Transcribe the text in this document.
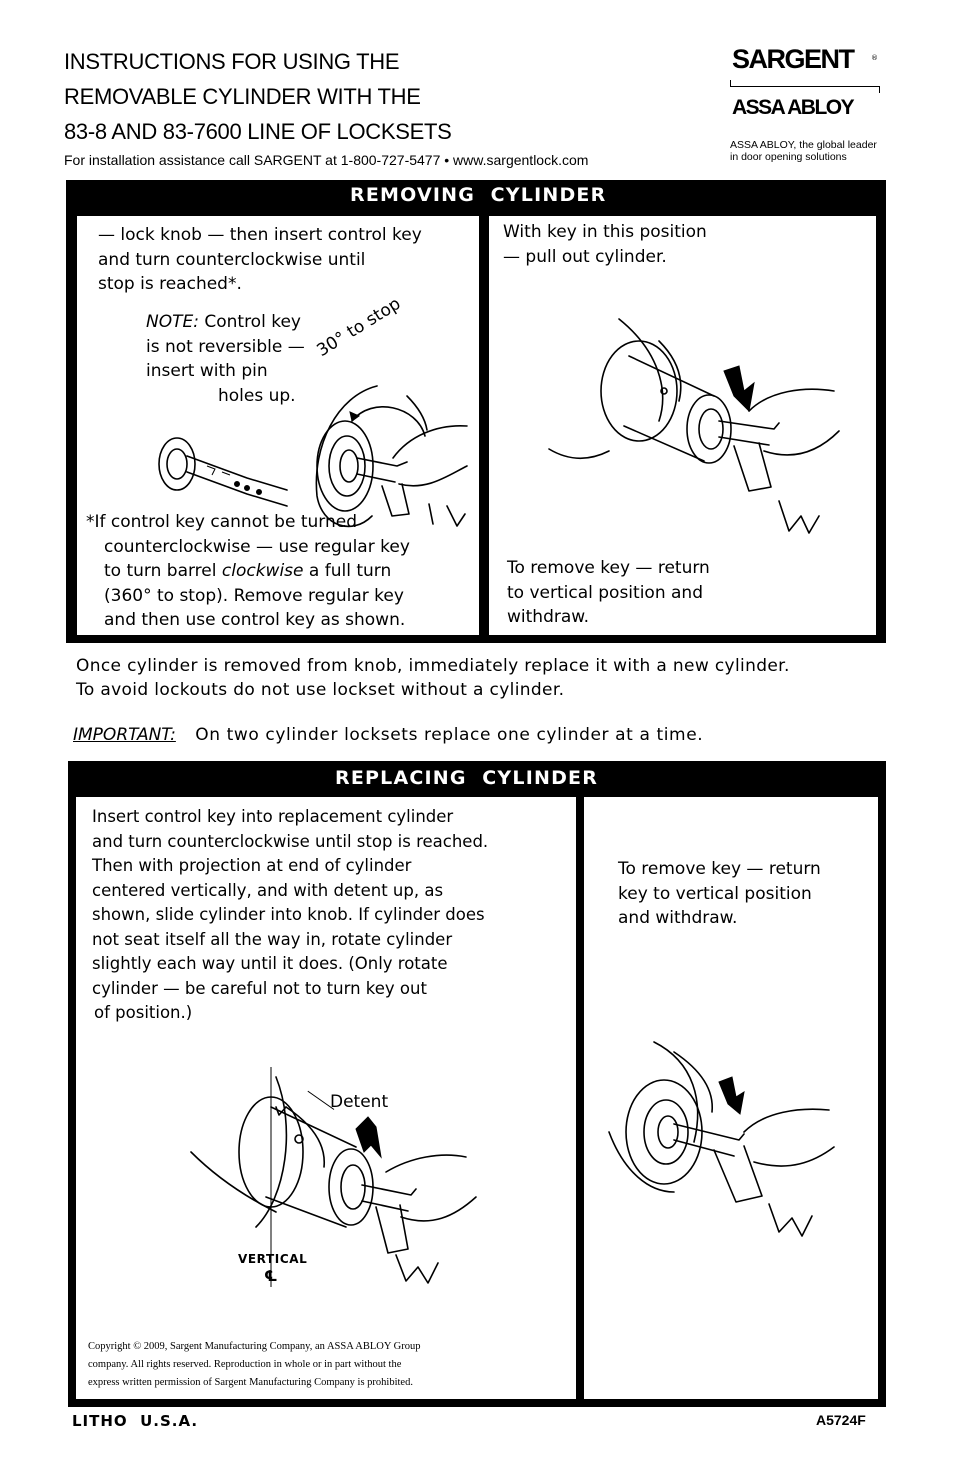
INSTRUCTIONS FOR USING THE
REMOVABLE CYLINDER WITH THE
83-8 AND 83-7600 LINE OF LOCKSETS
For installation assistance call SARGENT at 1-800-727-5477 • www.sargentlock.com
SARGENT ®
ASSA ABLOY
ASSA ABLOY, the global leader
in door opening solutions
REMOVING  CYLINDER
— lock knob — then insert control key
and turn counterclockwise until
stop is reached*.
NOTE: Control key
is not reversible —
insert with pin
holes up.
30° to stop
*If control key cannot be turned
counterclockwise — use regular key
to turn barrel clockwise a full turn
(360° to stop). Remove regular key
and then use control key as shown.
With key in this position
— pull out cylinder.
To remove key — return
to vertical position and
withdraw.
Once cylinder is removed from knob, immediately replace it with a new cylinder.
To avoid lockouts do not use lockset without a cylinder.
IMPORTANT: On two cylinder locksets replace one cylinder at a time.
REPLACING  CYLINDER
Insert control key into replacement cylinder
and turn counterclockwise until stop is reached.
Then with projection at end of cylinder
centered vertically, and with detent up, as
shown, slide cylinder into knob. If cylinder does
not seat itself all the way in, rotate cylinder
slightly each way until it does. (Only rotate
cylinder — be careful not to turn key out
of position.)
Detent
VERTICAL
℄
Copyright © 2009, Sargent Manufacturing Company, an ASSA ABLOY Group
company. All rights reserved. Reproduction in whole or in part without the
express written permission of Sargent Manufacturing Company is prohibited.
To remove key — return
key to vertical position
and withdraw.
LITHO  U.S.A.	A5724F
